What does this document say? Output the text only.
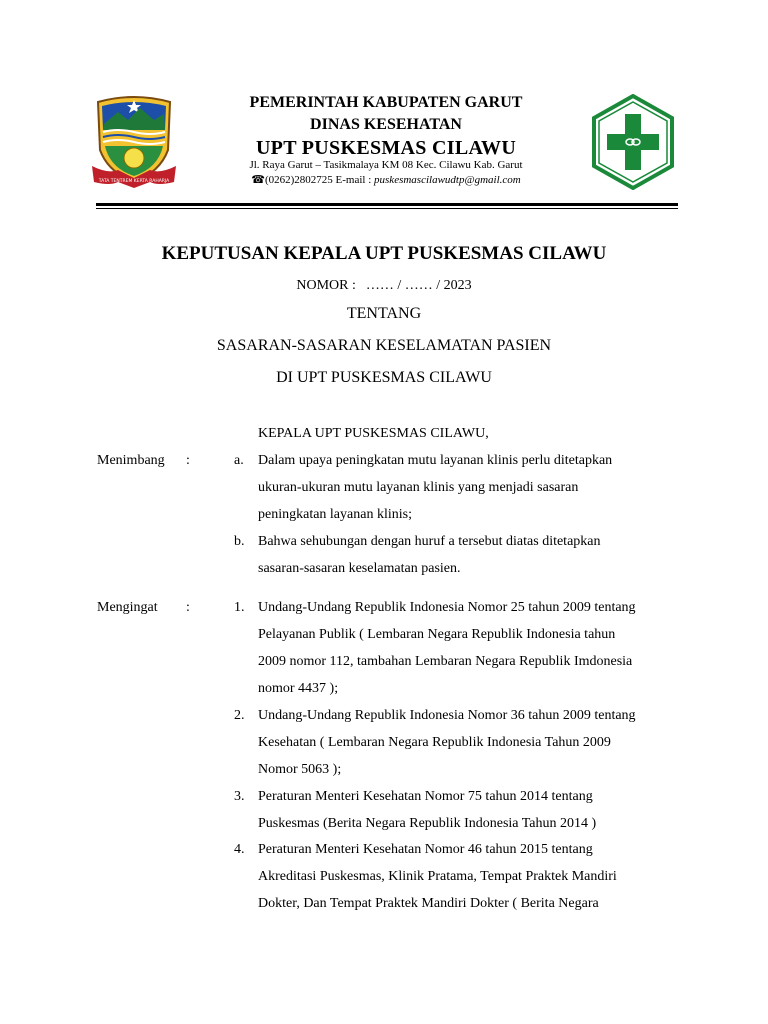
TATA TENTREM KERTA RAHARJA
PEMERINTAH KABUPATEN GARUT
DINAS KESEHATAN
UPT PUSKESMAS CILAWU
Jl. Raya Garut – Tasikmalaya KM 08 Kec. Cilawu Kab. Garut
☎(0262)2802725 E-mail : puskesmascilawudtp@gmail.com
KEPUTUSAN KEPALA UPT PUSKESMAS CILAWU
NOMOR : …… / …… / 2023
TENTANG
SASARAN-SASARAN KESELAMATAN PASIEN
DI UPT PUSKESMAS CILAWU
KEPALA UPT PUSKESMAS CILAWU,
Menimbang :	a. Dalam upaya peningkatan mutu layanan klinis perlu ditetapkan
ukuran-ukuran mutu layanan klinis yang menjadi sasaran
peningkatan layanan klinis;
b. Bahwa sehubungan dengan huruf a tersebut diatas ditetapkan
sasaran-sasaran keselamatan pasien.
Mengingat :	1. Undang-Undang Republik Indonesia Nomor 25 tahun 2009 tentang
Pelayanan Publik ( Lembaran Negara Republik Indonesia tahun
2009 nomor 112, tambahan Lembaran Negara Republik Imdonesia
nomor 4437 );
2. Undang-Undang Republik Indonesia Nomor 36 tahun 2009 tentang
Kesehatan ( Lembaran Negara Republik Indonesia Tahun 2009
Nomor 5063 );
3. Peraturan Menteri Kesehatan Nomor 75 tahun 2014 tentang
Puskesmas (Berita Negara Republik Indonesia Tahun 2014 )
4. Peraturan Menteri Kesehatan Nomor 46 tahun 2015 tentang
Akreditasi Puskesmas, Klinik Pratama, Tempat Praktek Mandiri
Dokter, Dan Tempat Praktek Mandiri Dokter ( Berita Negara
